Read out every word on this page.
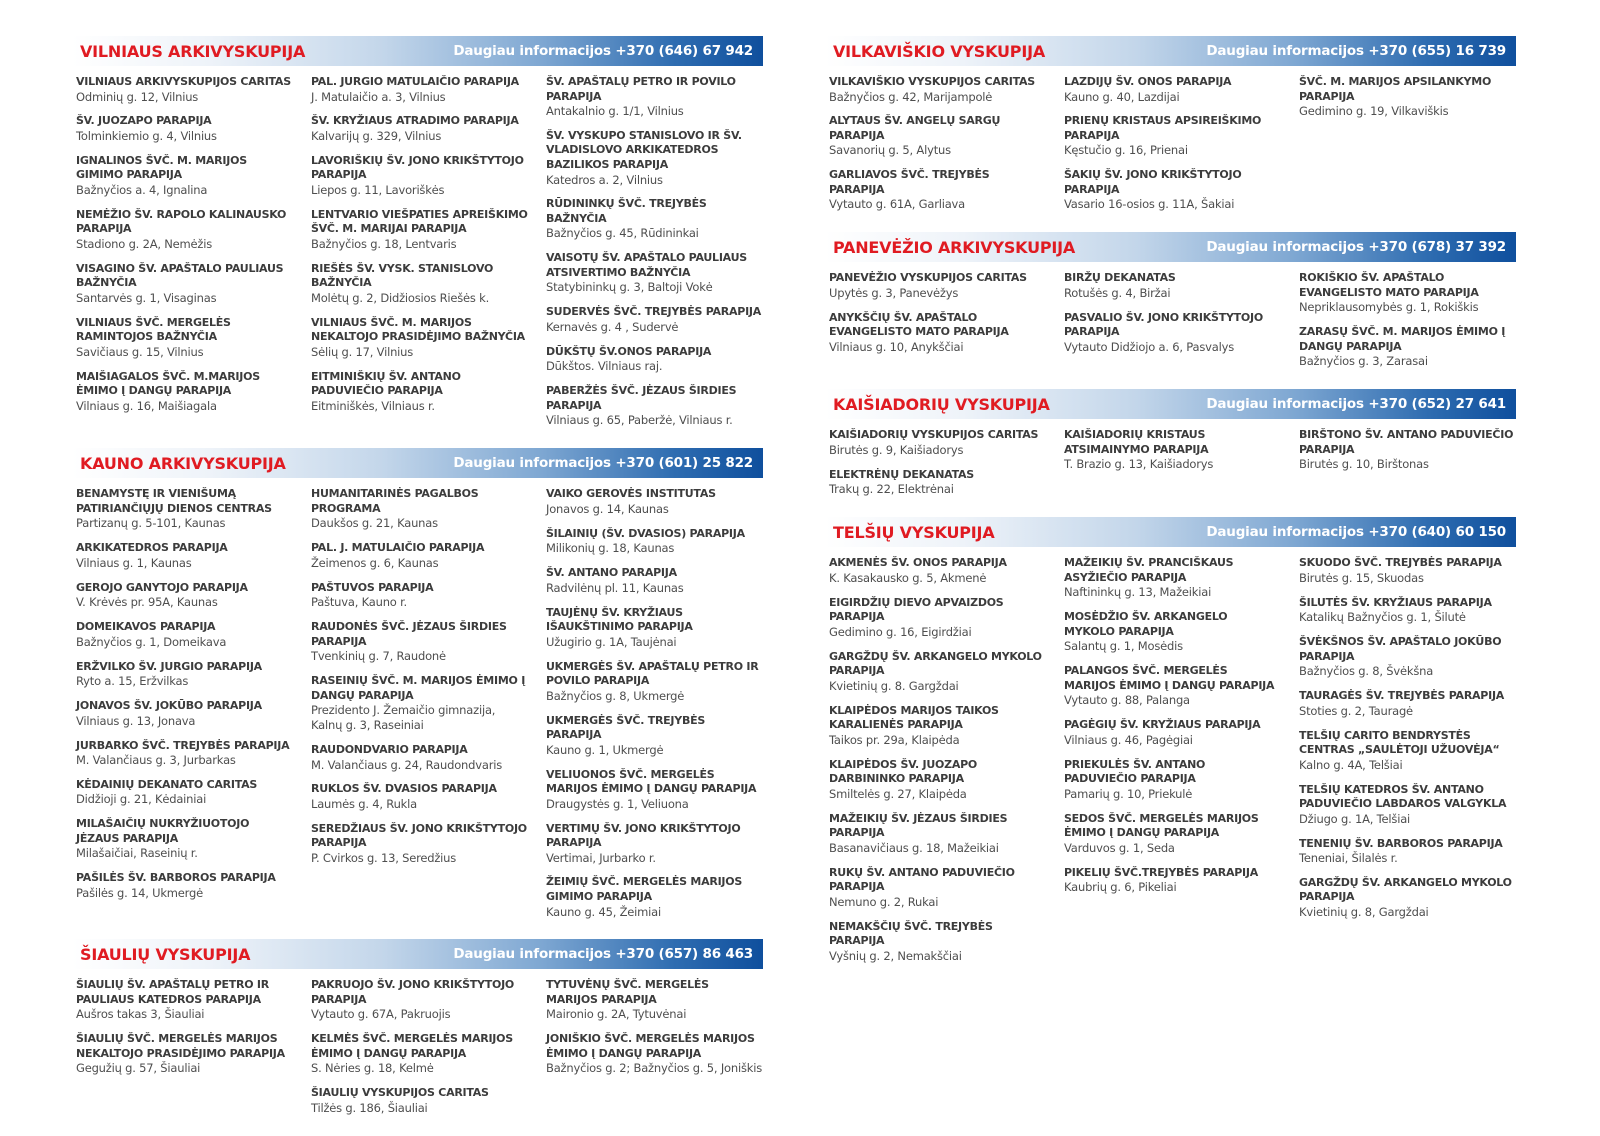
VILNIAUS ARKIVYSKUPIJA	Daugiau informacijos +370 (646) 67 942
VILNIAUS ARKIVYSKUPIJOS CARITAS
Odminių g. 12, Vilnius
ŠV. JUOZAPO PARAPIJA
Tolminkiemio g. 4, Vilnius
IGNALINOS ŠVČ. M. MARIJOS GIMIMO PARAPIJA
Bažnyčios a. 4, Ignalina
NEMĖŽIO ŠV. RAPOLO KALINAUSKO PARAPIJA
Stadiono g. 2A, Nemėžis
VISAGINO ŠV. APAŠTALO PAULIAUS BAŽNYČIA
Santarvės g. 1, Visaginas
VILNIAUS ŠVČ. MERGELĖS RAMINTOJOS BAŽNYČIA
Savičiaus g. 15, Vilnius
MAIŠIAGALOS ŠVČ. M.MARIJOS ĖMIMO Į DANGŲ PARAPIJA
Vilniaus g. 16, Maišiagala
PAL. JURGIO MATULAIČIO PARAPIJA
J. Matulaičio a. 3, Vilnius
ŠV. KRYŽIAUS ATRADIMO PARAPIJA
Kalvarijų g. 329, Vilnius
LAVORIŠKIŲ ŠV. JONO KRIKŠTYTOJO PARAPIJA
Liepos g. 11, Lavoriškės
LENTVARIO VIEŠPATIES APREIŠKIMO ŠVČ. M. MARIJAI PARAPIJA
Bažnyčios g. 18, Lentvaris
RIEŠĖS ŠV. VYSK. STANISLOVO BAŽNYČIA
Molėtų g. 2, Didžiosios Riešės k.
VILNIAUS ŠVČ. M. MARIJOS NEKALTOJO PRASIDĖJIMO BAŽNYČIA
Sėlių g. 17, Vilnius
EITMINIŠKIŲ ŠV. ANTANO PADUVIEČIO PARAPIJA
Eitminiškės, Vilniaus r.
ŠV. APAŠTALŲ PETRO IR POVILO PARAPIJA
Antakalnio g. 1/1, Vilnius
ŠV. VYSKUPO STANISLOVO IR ŠV. VLADISLOVO ARKIKATEDROS BAZILIKOS PARAPIJA
Katedros a. 2, Vilnius
RŪDININKŲ ŠVČ. TREJYBĖS BAŽNYČIA
Bažnyčios g. 45, Rūdininkai
VAISOTŲ ŠV. APAŠTALO PAULIAUS ATSIVERTIMO BAŽNYČIA
Statybininkų g. 3, Baltoji Vokė
SUDERVĖS ŠVČ. TREJYBĖS PARAPIJA
Kernavės g. 4 , Sudervė
DŪKŠTŲ ŠV.ONOS PARAPIJA
Dūkštos. Vilniaus raj.
PABERŽĖS ŠVČ. JĖZAUS ŠIRDIES PARAPIJA
Vilniaus g. 65, Paberžė, Vilniaus r.
KAUNO ARKIVYSKUPIJA	Daugiau informacijos +370 (601) 25 822
BENAMYSTĘ IR VIENIŠUMĄ PATIRIANČIŲJŲ DIENOS CENTRAS
Partizanų g. 5-101, Kaunas
ARKIKATEDROS PARAPIJA
Vilniaus g. 1, Kaunas
GEROJO GANYTOJO PARAPIJA
V. Krėvės pr. 95A, Kaunas
DOMEIKAVOS PARAPIJA
Bažnyčios g. 1, Domeikava
ERŽVILKO ŠV. JURGIO PARAPIJA
Ryto a. 15, Eržvilkas
JONAVOS ŠV. JOKŪBO PARAPIJA
Vilniaus g. 13, Jonava
JURBARKO ŠVČ. TREJYBĖS PARAPIJA
M. Valančiaus g. 3, Jurbarkas
KĖDAINIŲ DEKANATO CARITAS
Didžioji g. 21, Kėdainiai
MILAŠAIČIŲ NUKRYŽIUOTOJO JĖZAUS PARAPIJA
Milašaičiai, Raseinių r.
PAŠILĖS ŠV. BARBOROS PARAPIJA
Pašilės g. 14, Ukmergė
HUMANITARINĖS PAGALBOS PROGRAMA
Daukšos g. 21, Kaunas
PAL. J. MATULAIČIO PARAPIJA
Žeimenos g. 6, Kaunas
PAŠTUVOS PARAPIJA
Paštuva, Kauno r.
RAUDONĖS ŠVČ. JĖZAUS ŠIRDIES PARAPIJA
Tvenkinių g. 7, Raudonė
RASEINIŲ ŠVČ. M. MARIJOS ĖMIMO Į DANGŲ PARAPIJA
Prezidento J. Žemaičio gimnazija, Kalnų g. 3, Raseiniai
RAUDONDVARIO PARAPIJA
M. Valančiaus g. 24, Raudondvaris
RUKLOS ŠV. DVASIOS PARAPIJA
Laumės g. 4, Rukla
SEREDŽIAUS ŠV. JONO KRIKŠTYTOJO PARAPIJA
P. Cvirkos g. 13, Seredžius
VAIKO GEROVĖS INSTITUTAS
Jonavos g. 14, Kaunas
ŠILAINIŲ (ŠV. DVASIOS) PARAPIJA
Milikonių g. 18, Kaunas
ŠV. ANTANO PARAPIJA
Radvilėnų pl. 11, Kaunas
TAUJĖNŲ ŠV. KRYŽIAUS IŠAUKŠTINIMO PARAPIJA
Užugirio g. 1A, Taujėnai
UKMERGĖS ŠV. APAŠTALŲ PETRO IR POVILO PARAPIJA
Bažnyčios g. 8, Ukmergė
UKMERGĖS ŠVČ. TREJYBĖS PARAPIJA
Kauno g. 1, Ukmergė
VELIUONOS ŠVČ. MERGELĖS MARIJOS ĖMIMO Į DANGŲ PARAPIJA
Draugystės g. 1, Veliuona
VERTIMŲ ŠV. JONO KRIKŠTYTOJO PARAPIJA
Vertimai, Jurbarko r.
ŽEIMIŲ ŠVČ. MERGELĖS MARIJOS GIMIMO PARAPIJA
Kauno g. 45, Žeimiai
ŠIAULIŲ VYSKUPIJA	Daugiau informacijos +370 (657) 86 463
ŠIAULIŲ ŠV. APAŠTALŲ PETRO IR PAULIAUS KATEDROS PARAPIJA
Aušros takas 3, Šiauliai
ŠIAULIŲ ŠVČ. MERGELĖS MARIJOS NEKALTOJO PRASIDĖJIMO PARAPIJA
Gegužių g. 57, Šiauliai
PAKRUOJO ŠV. JONO KRIKŠTYTOJO PARAPIJA
Vytauto g. 67A, Pakruojis
KELMĖS ŠVČ. MERGELĖS MARIJOS ĖMIMO Į DANGŲ PARAPIJA
S. Nėries g. 18, Kelmė
ŠIAULIŲ VYSKUPIJOS CARITAS
Tilžės g. 186, Šiauliai
TYTUVĖNŲ ŠVČ. MERGELĖS MARIJOS PARAPIJA
Maironio g. 2A, Tytuvėnai
JONIŠKIO ŠVČ. MERGELĖS MARIJOS ĖMIMO Į DANGŲ PARAPIJA
Bažnyčios g. 2; Bažnyčios g. 5, Joniškis
VILKAVIŠKIO VYSKUPIJA	Daugiau informacijos +370 (655) 16 739
VILKAVIŠKIO VYSKUPIJOS CARITAS
Bažnyčios g. 42, Marijampolė
ALYTAUS ŠV. ANGELŲ SARGŲ PARAPIJA
Savanorių g. 5, Alytus
GARLIAVOS ŠVČ. TREJYBĖS PARAPIJA
Vytauto g. 61A, Garliava
LAZDIJŲ ŠV. ONOS PARAPIJA
Kauno g. 40, Lazdijai
PRIENŲ KRISTAUS APSIREIŠKIMO PARAPIJA
Kęstučio g. 16, Prienai
ŠAKIŲ ŠV. JONO KRIKŠTYTOJO PARAPIJA
Vasario 16-osios g. 11A, Šakiai
ŠVČ. M. MARIJOS APSILANKYMO PARAPIJA
Gedimino g. 19, Vilkaviškis
PANEVĖŽIO ARKIVYSKUPIJA	Daugiau informacijos +370 (678) 37 392
PANEVĖŽIO VYSKUPIJOS CARITAS
Upytės g. 3, Panevėžys
ANYKŠČIŲ ŠV. APAŠTALO EVANGELISTO MATO PARAPIJA
Vilniaus g. 10, Anykščiai
BIRŽŲ DEKANATAS
Rotušės g. 4, Biržai
PASVALIO ŠV. JONO KRIKŠTYTOJO PARAPIJA
Vytauto Didžiojo a. 6, Pasvalys
ROKIŠKIO ŠV. APAŠTALO EVANGELISTO MATO PARAPIJA
Nepriklausomybės g. 1, Rokiškis
ZARASŲ ŠVČ. M. MARIJOS ĖMIMO Į DANGŲ PARAPIJA
Bažnyčios g. 3, Zarasai
KAIŠIADORIŲ VYSKUPIJA	Daugiau informacijos +370 (652) 27 641
KAIŠIADORIŲ VYSKUPIJOS CARITAS
Birutės g. 9, Kaišiadorys
ELEKTRĖNŲ DEKANATAS
Trakų g. 22, Elektrėnai
KAIŠIADORIŲ KRISTAUS ATSIMAINYMO PARAPIJA
T. Brazio g. 13, Kaišiadorys
BIRŠTONO ŠV. ANTANO PADUVIEČIO PARAPIJA
Birutės g. 10, Birštonas
TELŠIŲ VYSKUPIJA	Daugiau informacijos +370 (640) 60 150
AKMENĖS ŠV. ONOS PARAPIJA
K. Kasakausko g. 5, Akmenė
EIGIRDŽIŲ DIEVO APVAIZDOS PARAPIJA
Gedimino g. 16, Eigirdžiai
GARGŽDŲ ŠV. ARKANGELO MYKOLO PARAPIJA
Kvietinių g. 8. Gargždai
KLAIPĖDOS MARIJOS TAIKOS KARALIENĖS PARAPIJA
Taikos pr. 29a, Klaipėda
KLAIPĖDOS ŠV. JUOZAPO DARBININKO PARAPIJA
Smiltelės g. 27, Klaipėda
MAŽEIKIŲ ŠV. JĖZAUS ŠIRDIES PARAPIJA
Basanavičiaus g. 18, Mažeikiai
RUKŲ ŠV. ANTANO PADUVIEČIO PARAPIJA
Nemuno g. 2, Rukai
NEMAKŠČIŲ ŠVČ. TREJYBĖS PARAPIJA
Vyšnių g. 2, Nemakščiai
MAŽEIKIŲ ŠV. PRANCIŠKAUS ASYŽIEČIO PARAPIJA
Naftininkų g. 13, Mažeikiai
MOSĖDŽIO ŠV. ARKANGELO MYKOLO PARAPIJA
Salantų g. 1, Mosėdis
PALANGOS ŠVČ. MERGELĖS MARIJOS ĖMIMO Į DANGŲ PARAPIJA
Vytauto g. 88, Palanga
PAGĖGIŲ ŠV. KRYŽIAUS PARAPIJA
Vilniaus g. 46, Pagėgiai
PRIEKULĖS ŠV. ANTANO PADUVIEČIO PARAPIJA
Pamarių g. 10, Priekulė
SEDOS ŠVČ. MERGELĖS MARIJOS ĖMIMO Į DANGŲ PARAPIJA
Varduvos g. 1, Seda
PIKELIŲ ŠVČ.TREJYBĖS PARAPIJA
Kaubrių g. 6, Pikeliai
SKUODO ŠVČ. TREJYBĖS PARAPIJA
Birutės g. 15, Skuodas
ŠILUTĖS ŠV. KRYŽIAUS PARAPIJA
Katalikų Bažnyčios g. 1, Šilutė
ŠVĖKŠNOS ŠV. APAŠTALO JOKŪBO PARAPIJA
Bažnyčios g. 8, Švėkšna
TAURAGĖS ŠV. TREJYBĖS PARAPIJA
Stoties g. 2, Tauragė
TELŠIŲ CARITO BENDRYSTĖS CENTRAS „SAULĖTOJI UŽUOVĖJA“
Kalno g. 4A, Telšiai
TELŠIŲ KATEDROS ŠV. ANTANO PADUVIEČIO LABDAROS VALGYKLA
Džiugo g. 1A, Telšiai
TENENIŲ ŠV. BARBOROS PARAPIJA
Teneniai, Šilalės r.
GARGŽDŲ ŠV. ARKANGELO MYKOLO PARAPIJA
Kvietinių g. 8, Gargždai
